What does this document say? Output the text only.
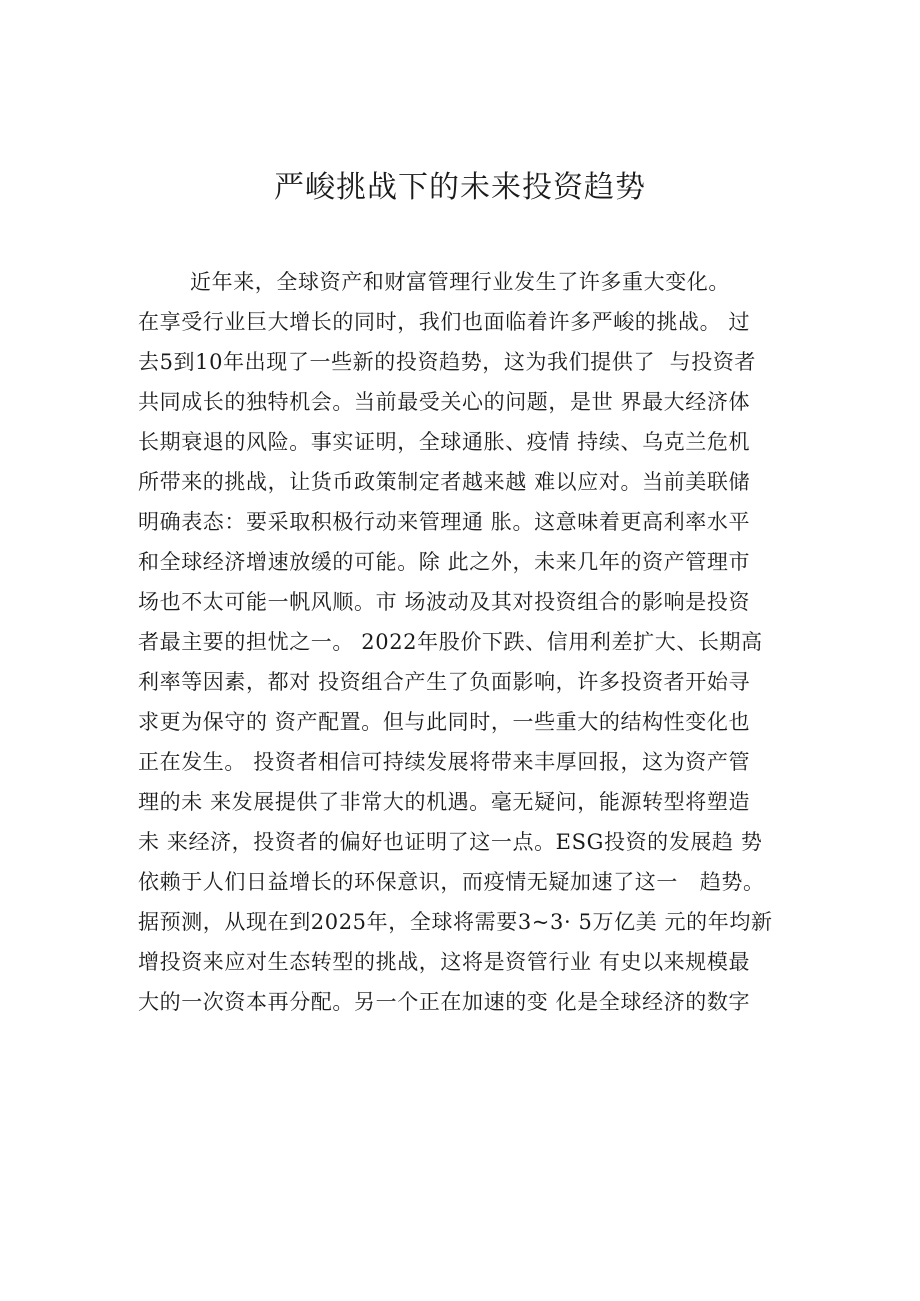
严峻挑战下的未来投资趋势
近年来，全球资产和财富管理行业发生了许多重大变化。
在享受行业巨大增长的同时，我们也面临着许多严峻的挑战。 过
去5到10年出现了一些新的投资趋势，这为我们提供了  与投资者
共同成长的独特机会。当前最受关心的问题，是世 界最大经济体
长期衰退的风险。事实证明，全球通胀、疫情 持续、乌克兰危机
所带来的挑战，让货币政策制定者越来越 难以应对。当前美联储
明确表态：要采取积极行动来管理通 胀。这意味着更高利率水平
和全球经济增速放缓的可能。除 此之外，未来几年的资产管理市
场也不太可能一帆风顺。市 场波动及其对投资组合的影响是投资
者最主要的担忧之一。 2022年股价下跌、信用利差扩大、长期高
利率等因素，都对 投资组合产生了负面影响，许多投资者开始寻
求更为保守的 资产配置。但与此同时，一些重大的结构性变化也
正在发生。 投资者相信可持续发展将带来丰厚回报，这为资产管
理的未 来发展提供了非常大的机遇。毫无疑问，能源转型将塑造
未 来经济，投资者的偏好也证明了这一点。ESG投资的发展趋 势
依赖于人们日益增长的环保意识，而疫情无疑加速了这一   趋势。
据预测，从现在到2025年，全球将需要3~3· 5万亿美 元的年均新
增投资来应对生态转型的挑战，这将是资管行业 有史以来规模最
大的一次资本再分配。另一个正在加速的变 化是全球经济的数字
